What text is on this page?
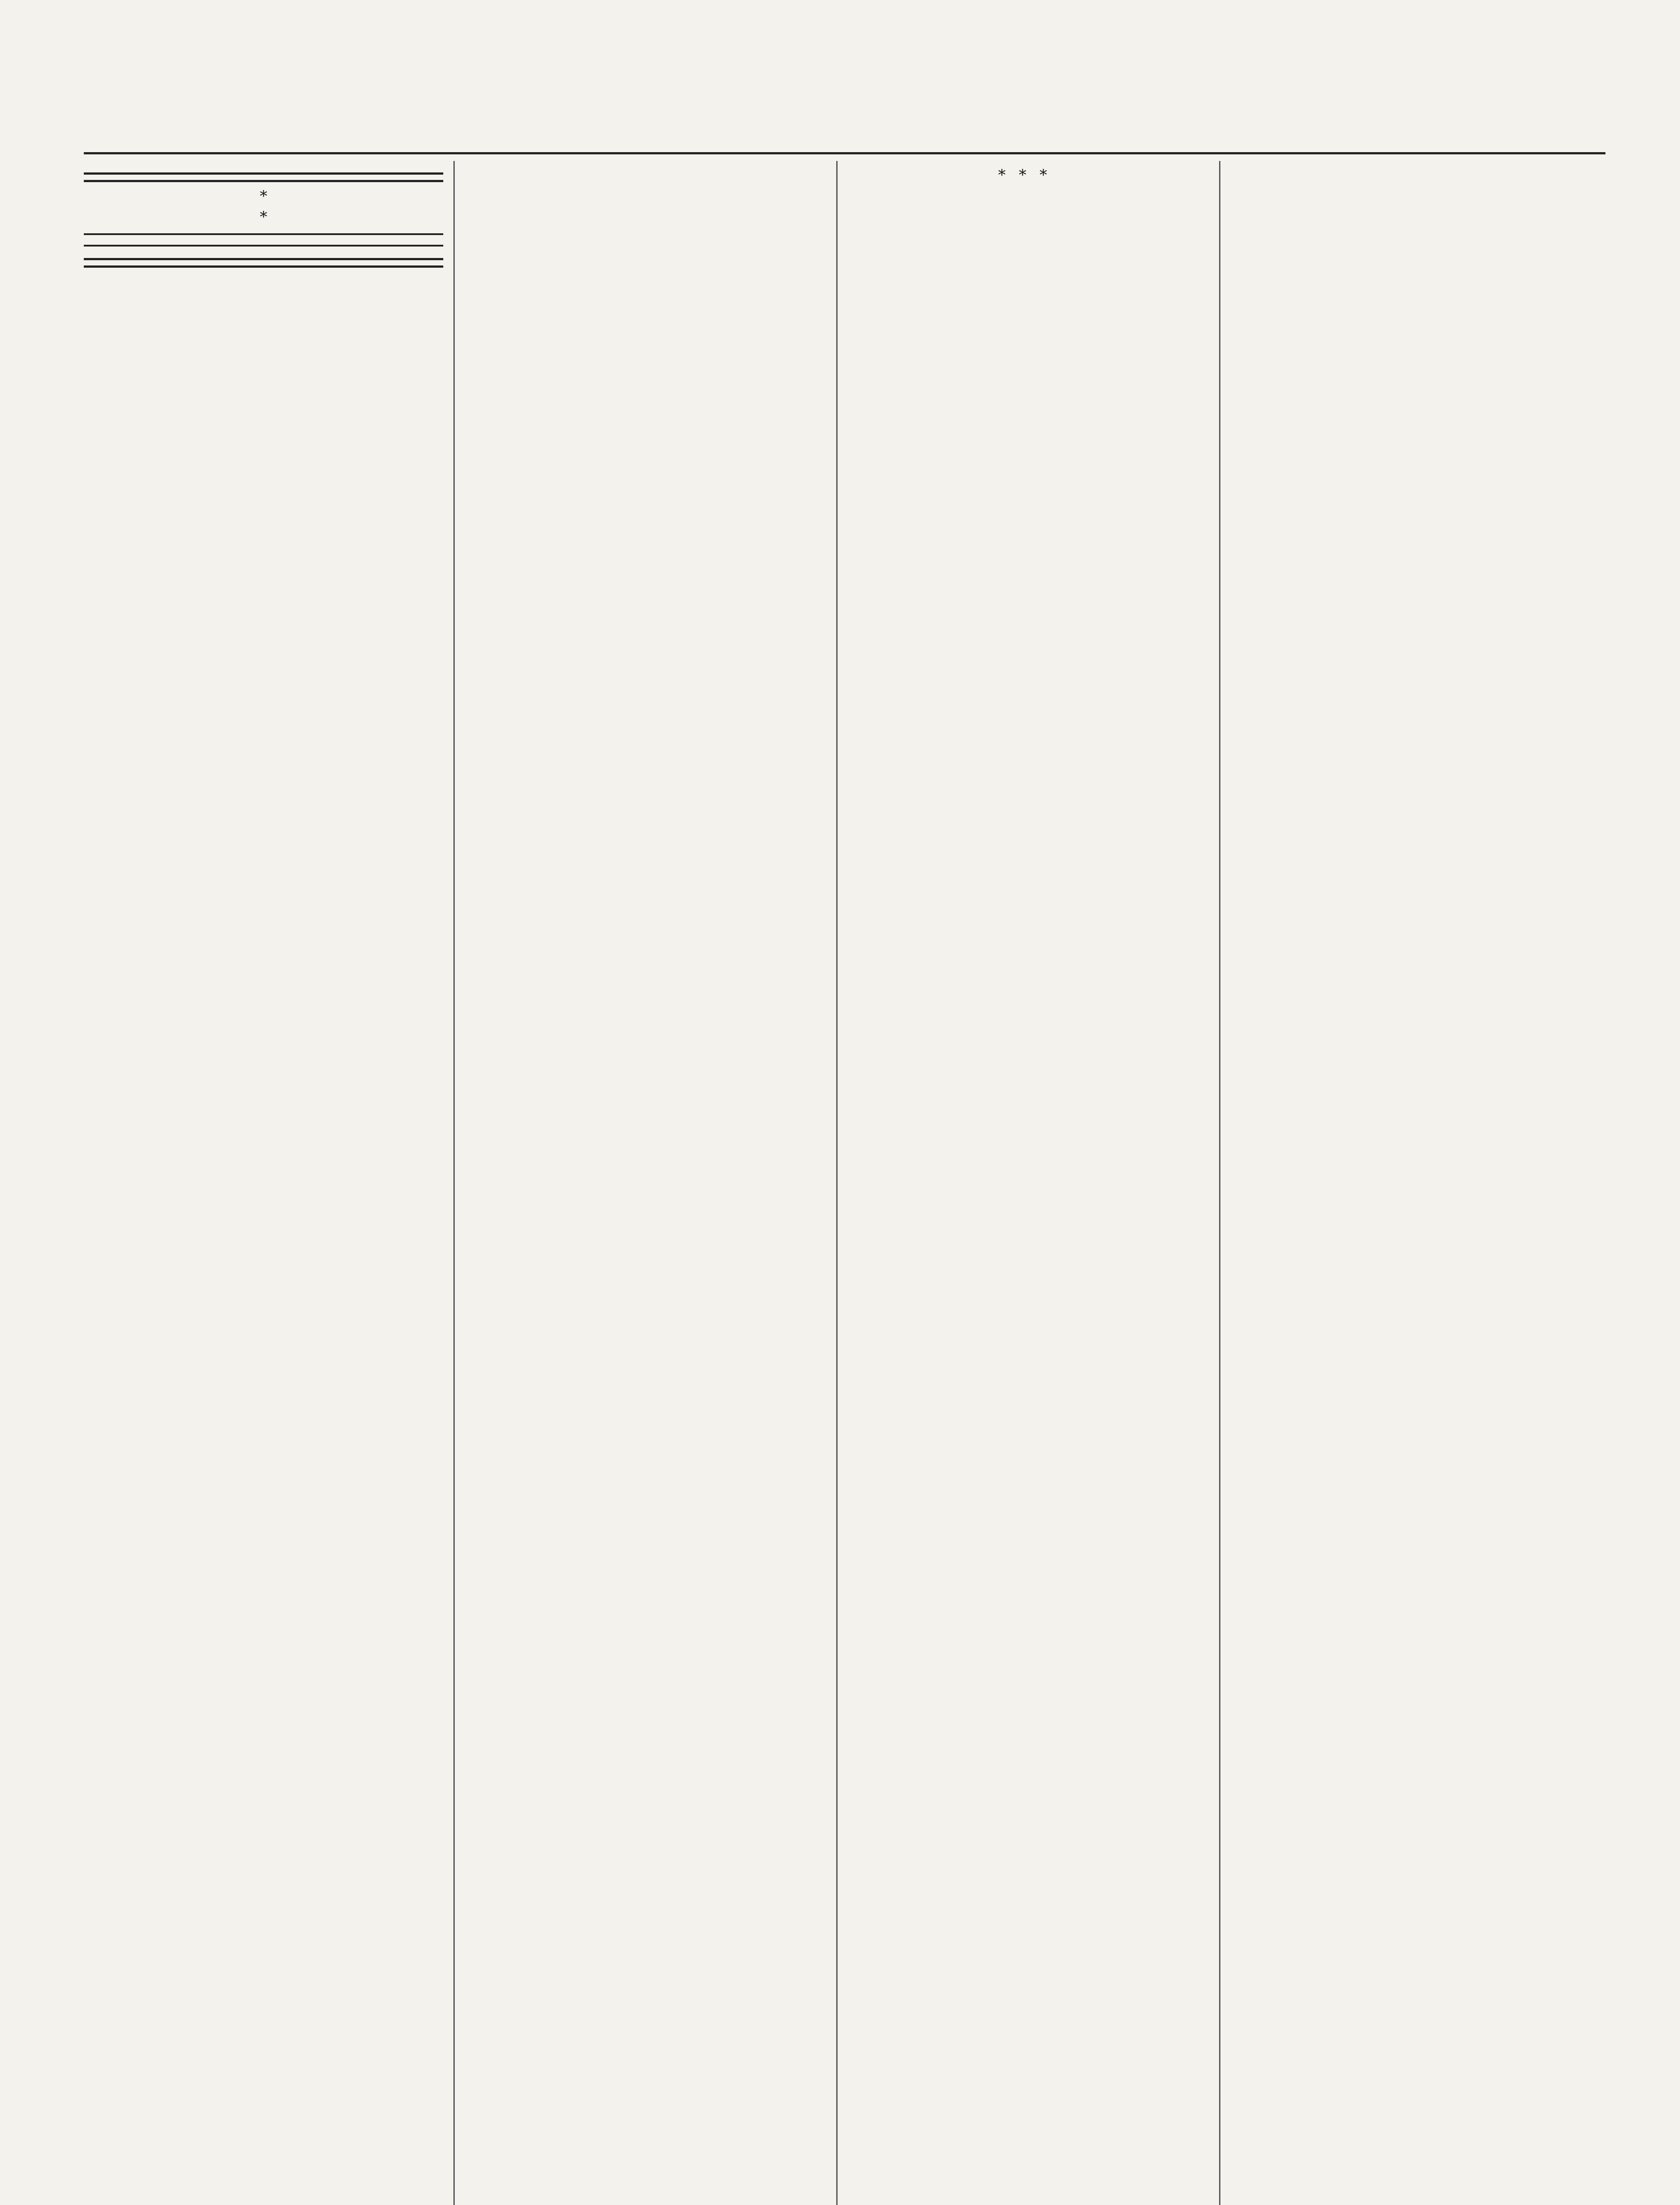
*

*

***
